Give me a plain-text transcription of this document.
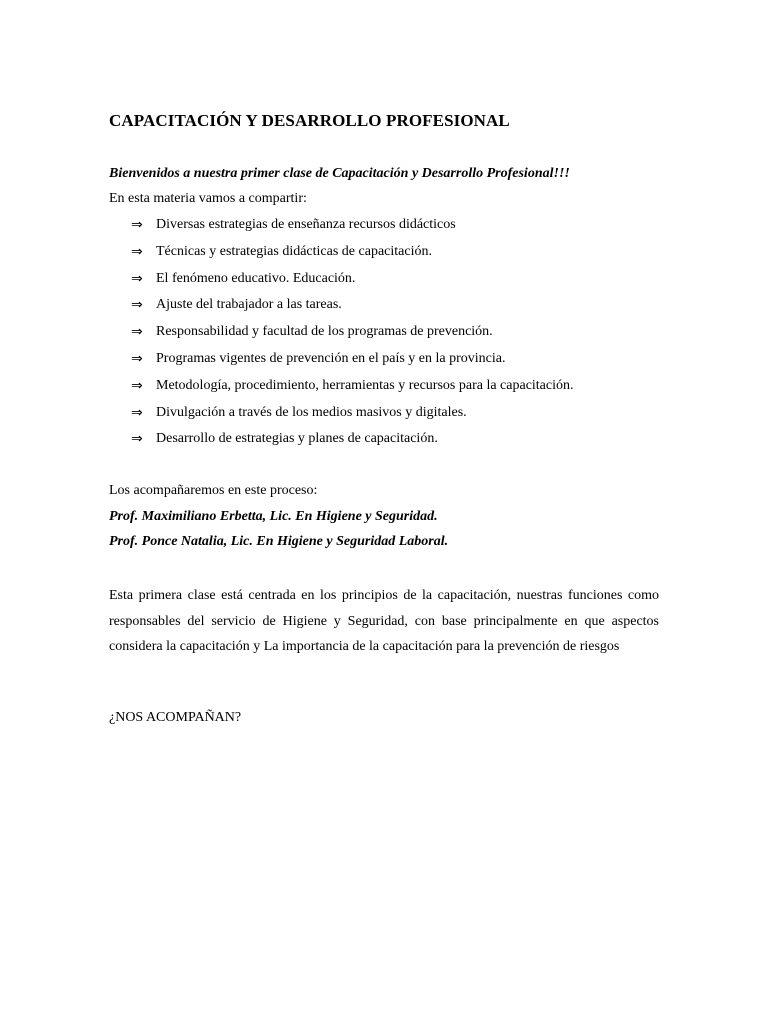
CAPACITACIÓN Y DESARROLLO PROFESIONAL
Bienvenidos a nuestra primer clase de Capacitación y Desarrollo Profesional!!!
En esta materia vamos a compartir:
⇒ Diversas estrategias de enseñanza recursos didácticos
⇒ Técnicas y estrategias didácticas de capacitación.
⇒ El fenómeno educativo. Educación.
⇒ Ajuste del trabajador a las tareas.
⇒ Responsabilidad y facultad de los programas de prevención.
⇒ Programas vigentes de prevención en el país y en la provincia.
⇒ Metodología, procedimiento, herramientas y recursos para la capacitación.
⇒ Divulgación a través de los medios masivos y digitales.
⇒ Desarrollo de estrategias y planes de capacitación.
Los acompañaremos en este proceso:
Prof. Maximiliano Erbetta, Lic. En Higiene y Seguridad.
Prof. Ponce Natalia, Lic. En Higiene y Seguridad Laboral.
Esta primera clase está centrada en los principios de la capacitación, nuestras funciones como responsables del servicio de Higiene y Seguridad, con base principalmente en que aspectos considera la capacitación y La importancia de la capacitación para la prevención de riesgos
¿NOS ACOMPAÑAN?
